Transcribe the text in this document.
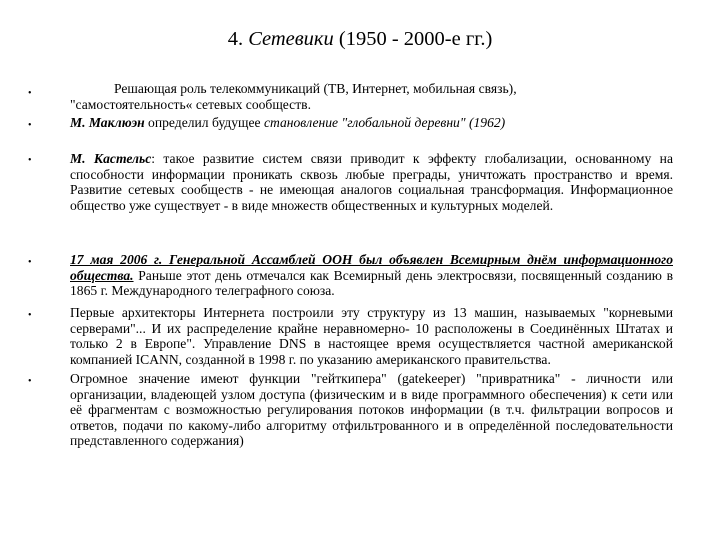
4. Сетевики (1950 - 2000-е гг.)
•
•
•
•
•
•
Решающая роль телекоммуникаций (ТВ, Интернет, мобильная связь),
"самостоятельность« сетевых сообществ.
М. Маклюэн определил будущее становление "глобальной деревни" (1962)
М. Кастельс: такое развитие систем связи приводит к эффекту глобализации, основанному на способности информации проникать сквозь любые преграды, уничтожать пространство и время. Развитие сетевых сообществ - не имеющая аналогов социальная трансформация. Информационное общество уже существует - в виде множеств общественных и культурных моделей.
17 мая 2006 г. Генеральной Ассамблей ООН был объявлен Всемирным днём информационного общества. Раньше этот день отмечался как Всемирный день электросвязи, посвященный созданию в 1865 г. Международного телеграфного союза.
Первые архитекторы Интернета построили эту структуру из 13 машин, называемых "корневыми серверами"... И их распределение крайне неравномерно- 10 расположены в Соединённых Штатах и только 2 в Европе". Управление DNS в настоящее время осуществляется частной американской компанией ICANN, созданной в 1998 г. по указанию американского правительства.
Огромное значение имеют функции "гейткипера" (gatekeeper) "привратника" - личности или организации, владеющей узлом доступа (физическим и в виде программного обеспечения) к сети или её фрагментам с возможностью регулирования потоков информации (в т.ч. фильтрации вопросов и ответов, подачи по какому-либо алгоритму отфильтрованного и в определённой последовательности представленного содержания)
